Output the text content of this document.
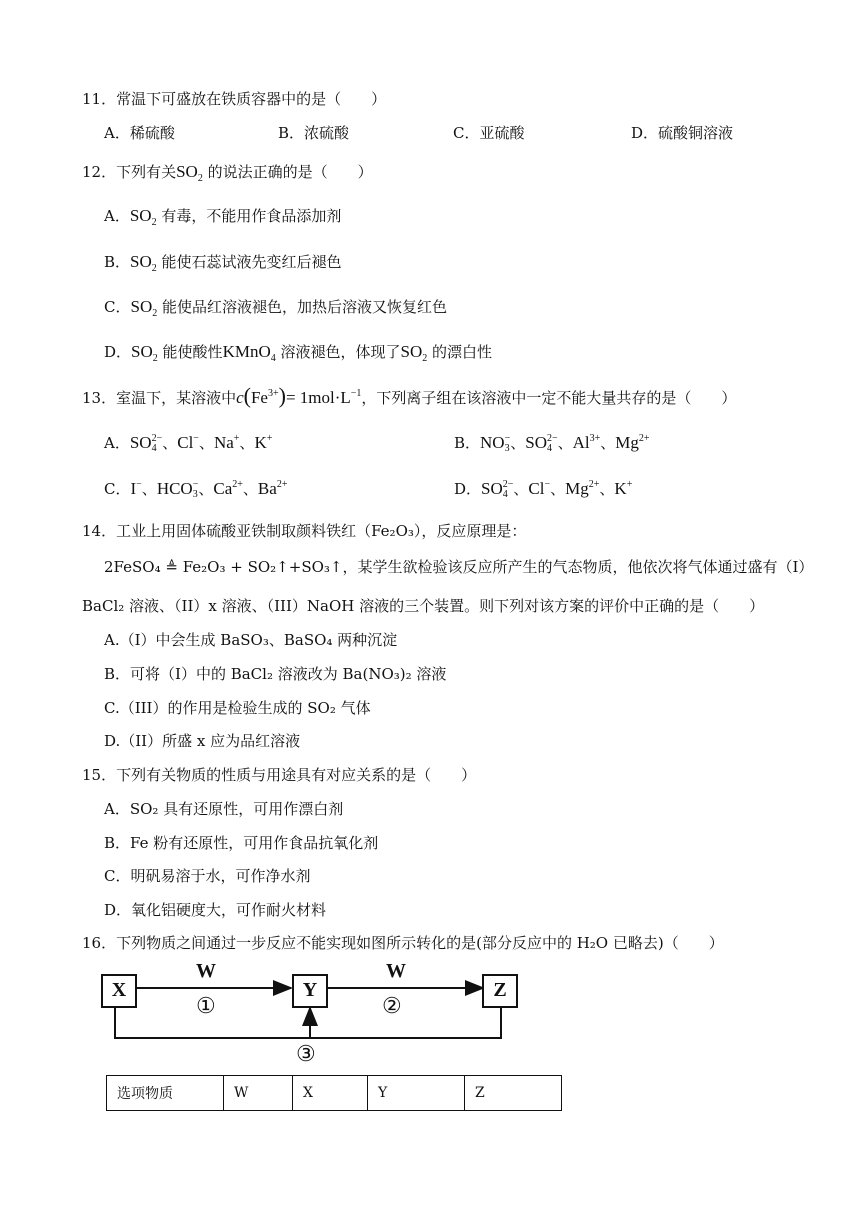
11．常温下可盛放在铁质容器中的是（　　）
A．稀硫酸	B．浓硫酸	C．亚硫酸	D．硫酸铜溶液
12．下列有关$SO_2$ 的说法正确的是（　　）
A．$SO_2$ 有毒，不能用作食品添加剂
B．$SO_2$ 能使石蕊试液先变红后褪色
C．$SO_2$ 能使品红溶液褪色，加热后溶液又恢复红色
D．$SO_2$ 能使酸性KMnO$_4$ 溶液褪色，体现了$SO_2$ 的漂白性
13．室温下，某溶液中$c(Fe^{3+})= 1mol\cdot L^{-1}$，下列离子组在该溶液中一定不能大量共存的是（　　）
A．SO 2−
4 、Cl−、Na+、K+	B．NO −
3 、SO 2−
4 、$Al^{3+}$、$Mg^{2+}$
C．I−、HCO −
3 、$Ca^{2+}$、$Ba^{2+}$	D．SO 2−
4 、Cl−、$Mg^{2+}$、K+
14．工业上用固体硫酸亚铁制取颜料铁红（Fe₂O₃），反应原理是：
2FeSO₄ ≜ Fe₂O₃ + SO₂↑+SO₃↑，某学生欲检验该反应所产生的气态物质，他依次将气体通过盛有（I）
BaCl₂ 溶液、（II）x 溶液、（III）NaOH 溶液的三个装置。则下列对该方案的评价中正确的是（　　）
A.（I）中会生成 BaSO₃、BaSO₄ 两种沉淀
B．可将（I）中的 BaCl₂ 溶液改为 Ba(NO₃)₂ 溶液
C.（III）的作用是检验生成的 SO₂ 气体
D.（II）所盛 x 应为品红溶液
15．下列有关物质的性质与用途具有对应关系的是（　　）
A．SO₂ 具有还原性，可用作漂白剂
B．Fe 粉有还原性，可用作食品抗氧化剂
C．明矾易溶于水，可作净水剂
D．氧化铝硬度大，可作耐火材料
16．下列物质之间通过一步反应不能实现如图所示转化的是(部分反应中的 H₂O 已略去)（　　）
X	Y	Z
W	W
①	②
③
选项物质	W	X	Y	Z
